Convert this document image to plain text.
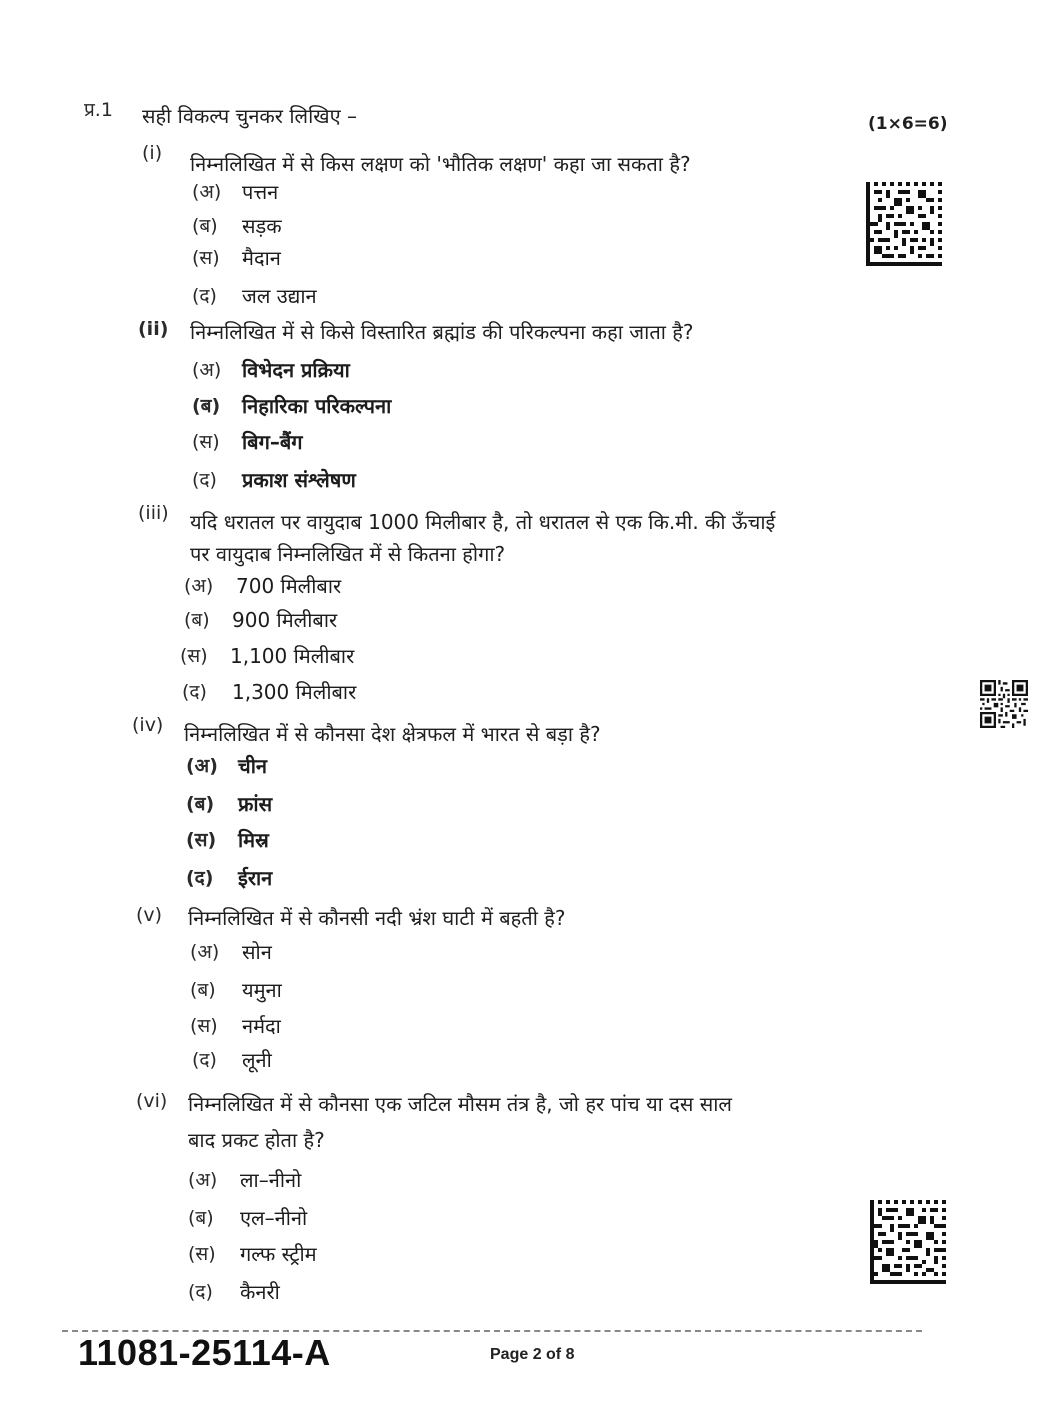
प्र.1 सही विकल्प चुनकर लिखिए –	(1×6=6)
(i) निम्नलिखित में से किस लक्षण को 'भौतिक लक्षण' कहा जा सकता है?
(अ) पत्तन
(ब) सड़क
(स) मैदान
(द) जल उद्यान
(ii) निम्नलिखित में से किसे विस्तारित ब्रह्मांड की परिकल्पना कहा जाता है?
(अ) विभेदन प्रक्रिया
(ब) निहारिका परिकल्पना
(स) बिग–बैंग
(द) प्रकाश संश्लेषण
(iii) यदि धरातल पर वायुदाब 1000 मिलीबार है, तो धरातल से एक कि.मी. की ऊँचाई
पर वायुदाब निम्नलिखित में से कितना होगा?
(अ) 700 मिलीबार
(ब) 900 मिलीबार
(स) 1,100 मिलीबार
(द) 1,300 मिलीबार
(iv) निम्नलिखित में से कौनसा देश क्षेत्रफल में भारत से बड़ा है?
(अ) चीन
(ब) फ्रांस
(स) मिस्र
(द) ईरान
(v) निम्नलिखित में से कौनसी नदी भ्रंश घाटी में बहती है?
(अ) सोन
(ब) यमुना
(स) नर्मदा
(द) लूनी
(vi) निम्नलिखित में से कौनसा एक जटिल मौसम तंत्र है, जो हर पांच या दस साल
बाद प्रकट होता है?
(अ) ला–नीनो
(ब) एल–नीनो
(स) गल्फ स्ट्रीम
(द) कैनरी
11081-25114-A	Page 2 of 8
